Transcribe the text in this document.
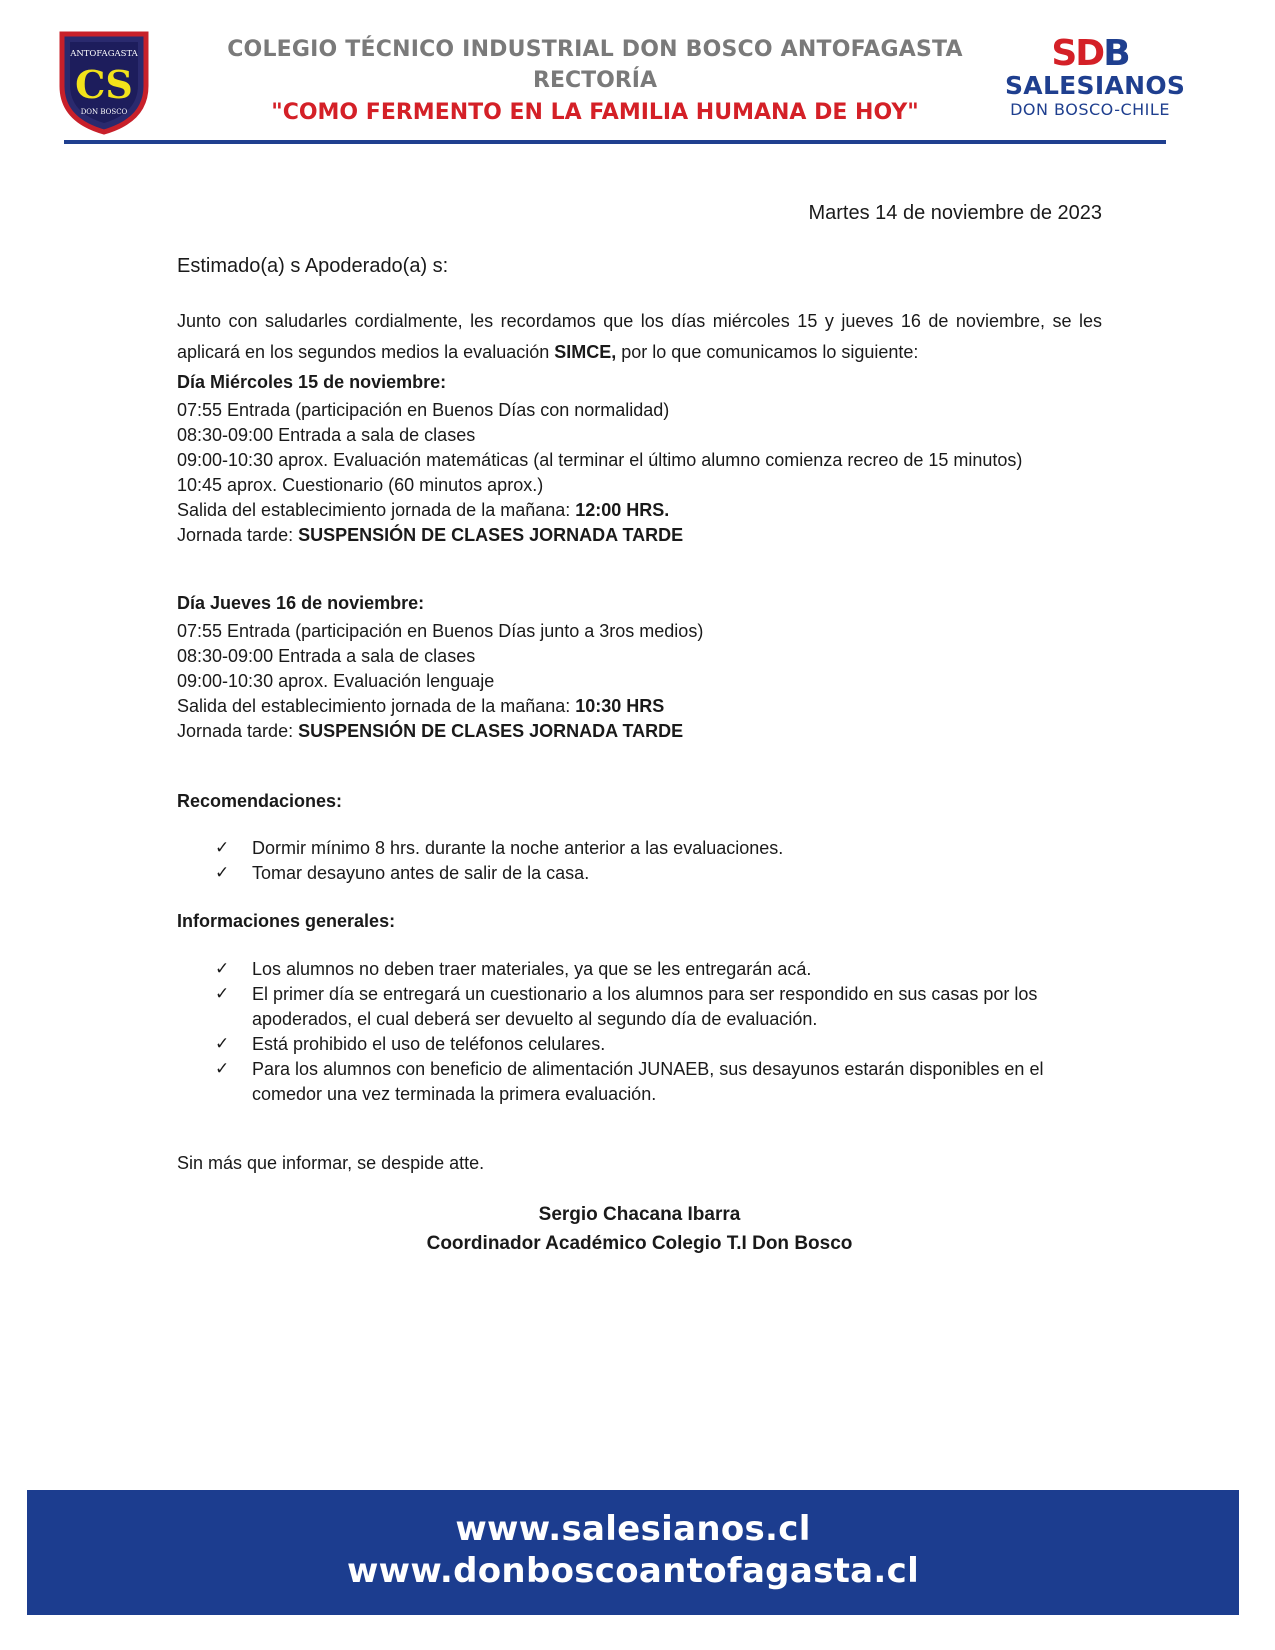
ANTOFAGASTA
CS
DON BOSCO
COLEGIO TÉCNICO INDUSTRIAL DON BOSCO ANTOFAGASTA
RECTORÍA
"COMO FERMENTO EN LA FAMILIA HUMANA DE HOY"
SDB
SALESIANOS
DON BOSCO-CHILE
Martes 14 de noviembre de 2023
Estimado(a) s Apoderado(a) s:
Junto con saludarles cordialmente, les recordamos que los días miércoles 15 y jueves 16 de noviembre, se les aplicará en los segundos medios la evaluación SIMCE, por lo que comunicamos lo siguiente:

Día Miércoles 15 de noviembre:

07:55 Entrada (participación en Buenos Días con normalidad)

08:30-09:00 Entrada a sala de clases

09:00-10:30 aprox. Evaluación matemáticas (al terminar el último alumno comienza recreo de 15 minutos)

10:45 aprox. Cuestionario (60 minutos aprox.)

Salida del establecimiento jornada de la mañana: 12:00 HRS.

Jornada tarde: SUSPENSIÓN DE CLASES JORNADA TARDE

Día Jueves 16 de noviembre:

07:55 Entrada (participación en Buenos Días junto a 3ros medios)

08:30-09:00 Entrada a sala de clases

09:00-10:30 aprox. Evaluación lenguaje

Salida del establecimiento jornada de la mañana: 10:30 HRS

Jornada tarde: SUSPENSIÓN DE CLASES JORNADA TARDE

Recomendaciones:
✓ Dormir mínimo 8 hrs. durante la noche anterior a las evaluaciones.
✓ Tomar desayuno antes de salir de la casa.
Informaciones generales:
✓ Los alumnos no deben traer materiales, ya que se les entregarán acá.
✓ El primer día se entregará un cuestionario a los alumnos para ser respondido en sus casas por los apoderados, el cual deberá ser devuelto al segundo día de evaluación.
✓ Está prohibido el uso de teléfonos celulares.
✓ Para los alumnos con beneficio de alimentación JUNAEB, sus desayunos estarán disponibles en el comedor una vez terminada la primera evaluación.
Sin más que informar, se despide atte.
Sergio Chacana Ibarra
Coordinador Académico Colegio T.I Don Bosco
www.salesianos.cl
www.donboscoantofagasta.cl
